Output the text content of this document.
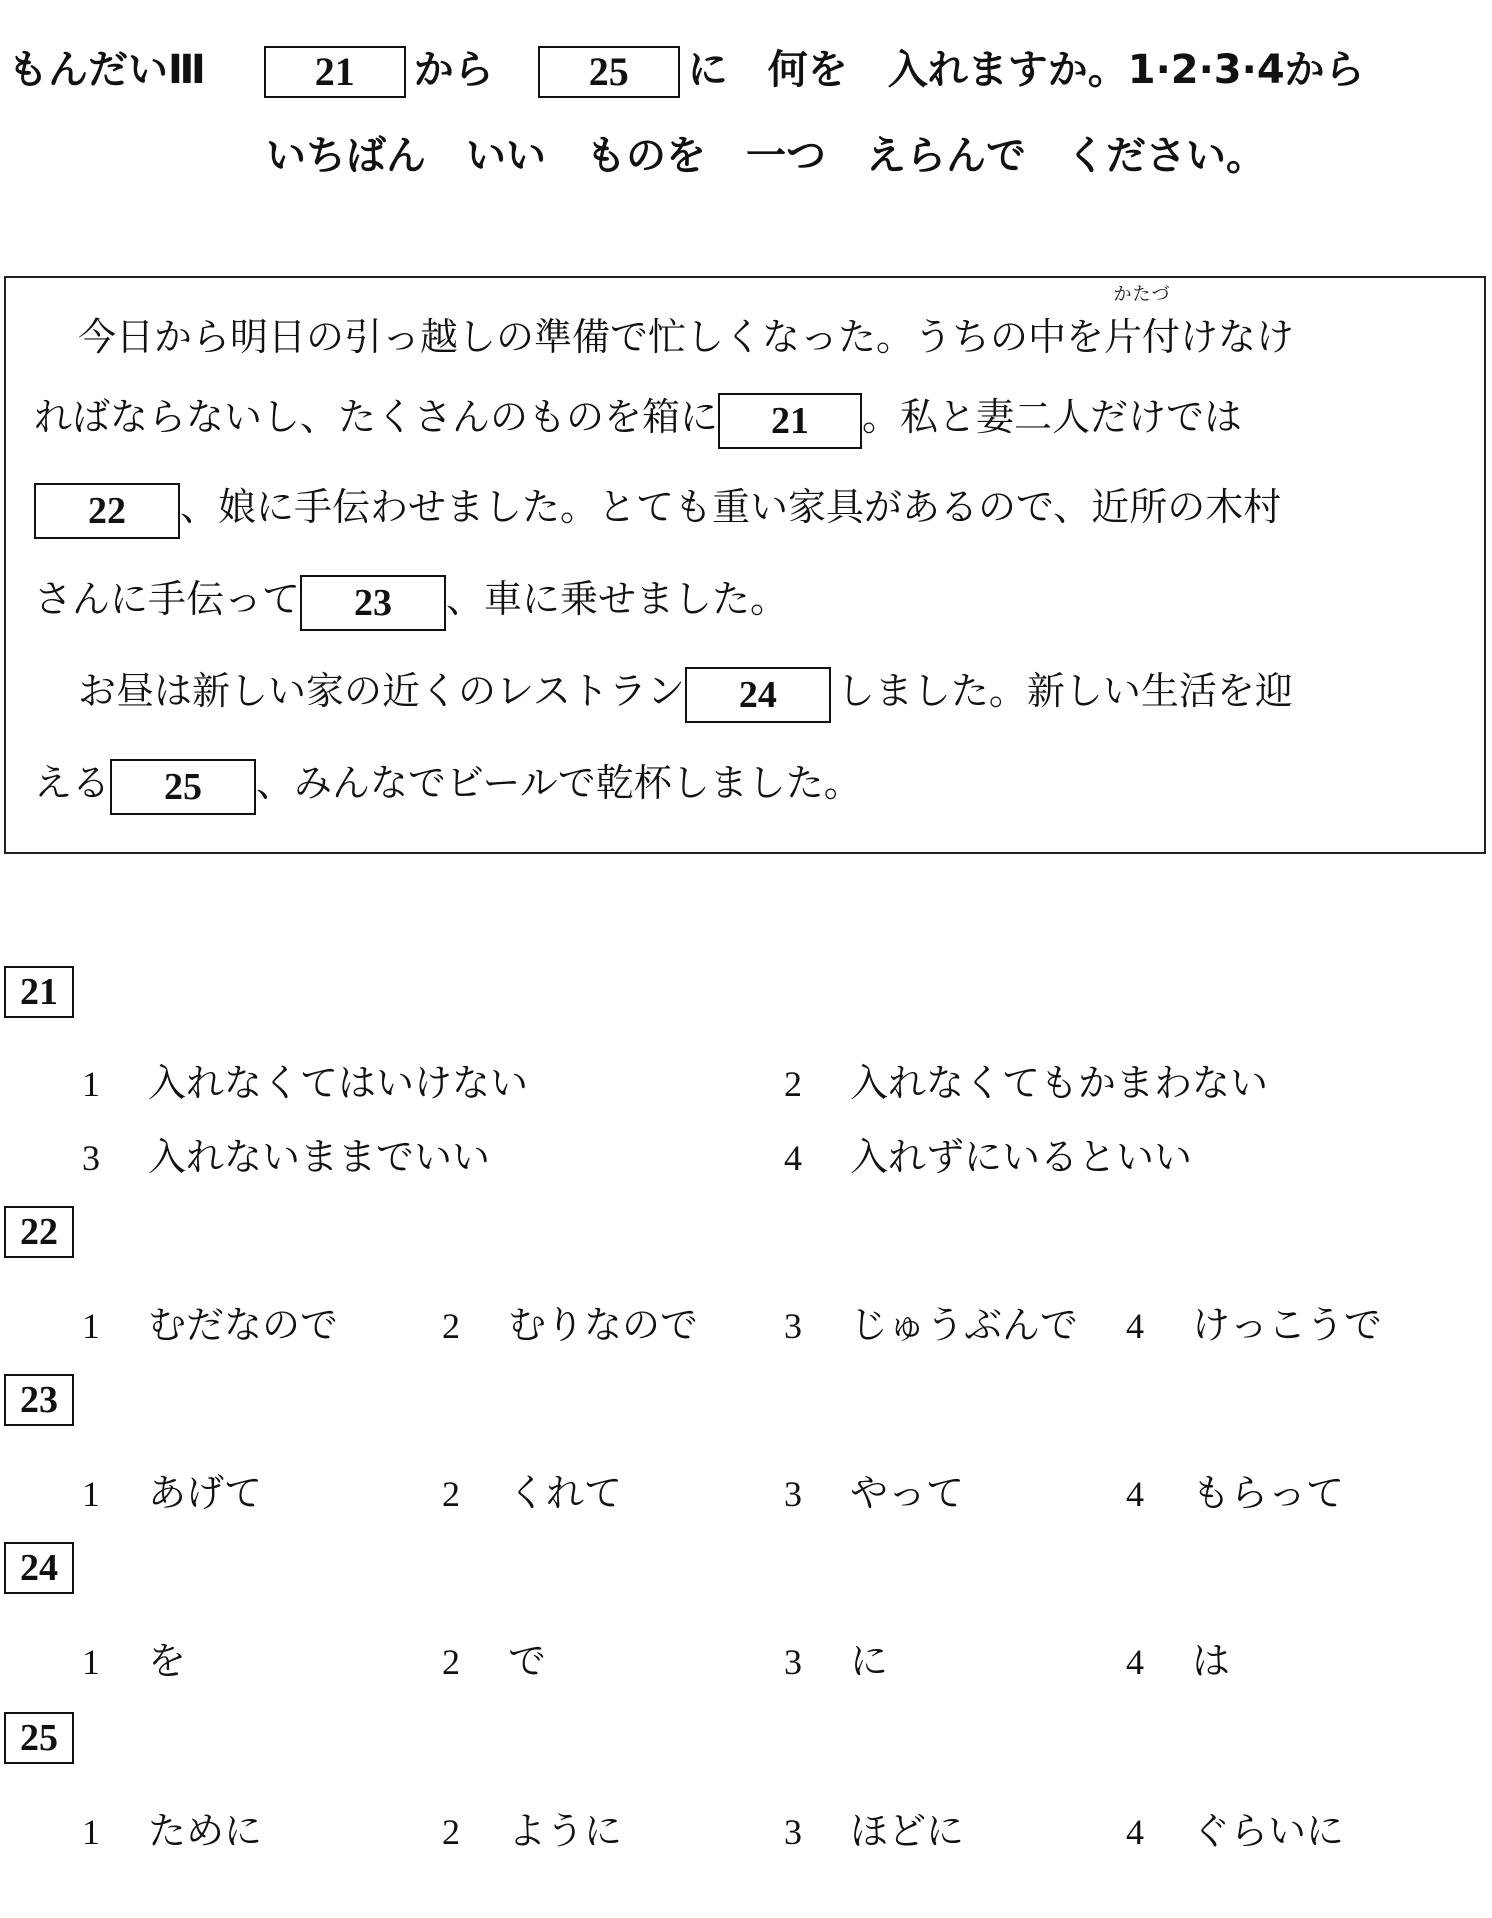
もんだいⅢ	21 から 25 に　何を　入れますか。1·2·3·4から
いちばん　いい　ものを　一つ　えらんで　ください。
今日から明日の引っ越しの準備で忙しくなった。うちの中を
かたづ
片付けなけ
ればならないし、たくさんのものを箱に 21 。私と妻二人だけでは
22 、娘に手伝わせました。とても重い家具があるので、近所の木村
さんに手伝って 23 、車に乗せました。
お昼は新しい家の近くのレストラン 24 しました。新しい生活を迎
える 25 、みんなでビールで乾杯しました。
21
1 入れなくてはいけない	2 入れなくてもかまわない
3 入れないままでいい	4 入れずにいるといい
22
1 むだなので	2 むりなので 3 じゅうぶんで 4 けっこうで
23
1 あげて	2 くれて	3 やって	4 もらって
24
1 を	2 で	3 に	4 は
25
1 ために	2 ように	3 ほどに	4 ぐらいに
